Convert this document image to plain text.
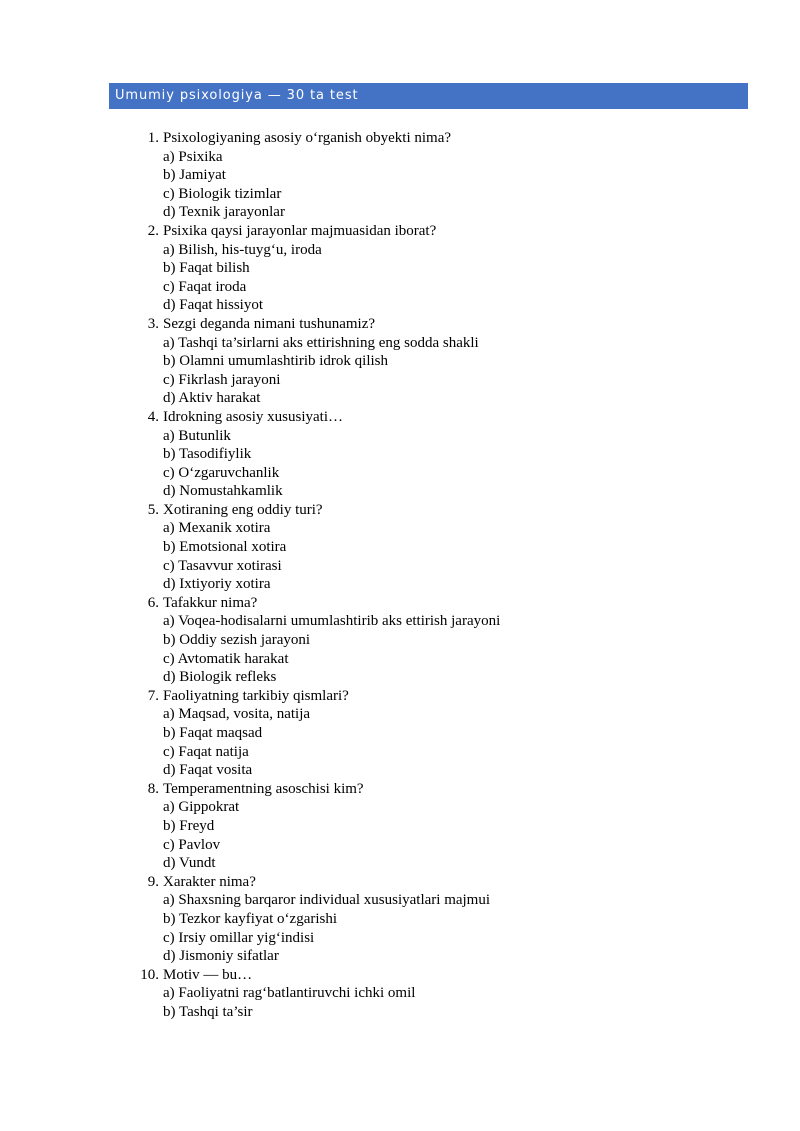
Umumiy psixologiya — 30 ta test
1. Psixologiyaning asosiy o‘rganish obyekti nima?
a) Psixika
b) Jamiyat
c) Biologik tizimlar
d) Texnik jarayonlar
2. Psixika qaysi jarayonlar majmuasidan iborat?
a) Bilish, his-tuyg‘u, iroda
b) Faqat bilish
c) Faqat iroda
d) Faqat hissiyot
3. Sezgi deganda nimani tushunamiz?
a) Tashqi ta’sirlarni aks ettirishning eng sodda shakli
b) Olamni umumlashtirib idrok qilish
c) Fikrlash jarayoni
d) Aktiv harakat
4. Idrokning asosiy xususiyati…
a) Butunlik
b) Tasodifiylik
c) O‘zgaruvchanlik
d) Nomustahkamlik
5. Xotiraning eng oddiy turi?
a) Mexanik xotira
b) Emotsional xotira
c) Tasavvur xotirasi
d) Ixtiyoriy xotira
6. Tafakkur nima?
a) Voqea-hodisalarni umumlashtirib aks ettirish jarayoni
b) Oddiy sezish jarayoni
c) Avtomatik harakat
d) Biologik refleks
7. Faoliyatning tarkibiy qismlari?
a) Maqsad, vosita, natija
b) Faqat maqsad
c) Faqat natija
d) Faqat vosita
8. Temperamentning asoschisi kim?
a) Gippokrat
b) Freyd
c) Pavlov
d) Vundt
9. Xarakter nima?
a) Shaxsning barqaror individual xususiyatlari majmui
b) Tezkor kayfiyat o‘zgarishi
c) Irsiy omillar yig‘indisi
d) Jismoniy sifatlar
10. Motiv — bu…
a) Faoliyatni rag‘batlantiruvchi ichki omil
b) Tashqi ta’sir
